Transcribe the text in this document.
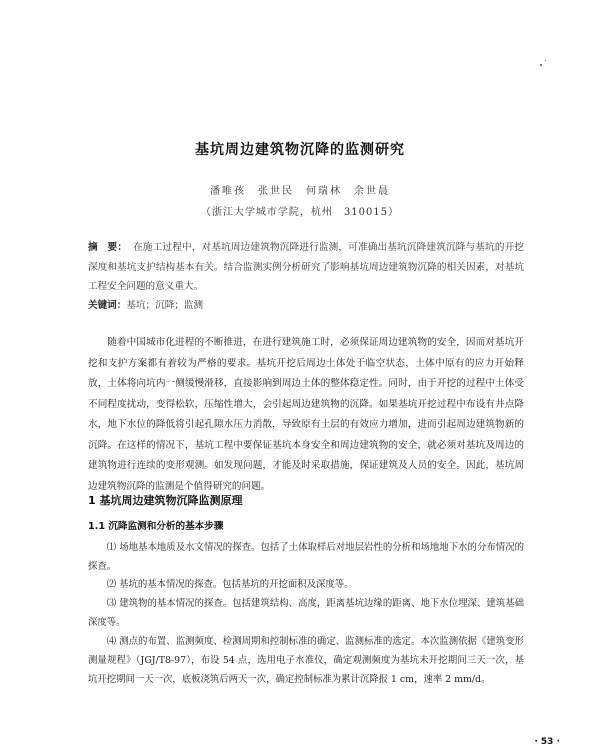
基坑周边建筑物沉降的监测研究
潘唯孩　张世民　何瑞林　余世晨
（浙江大学城市学院，杭州　310015）
摘　要： 在施工过程中，对基坑周边建筑物沉降进行监测，可准确出基坑沉降建筑沉降与基坑的开挖深度和基坑支护结构基本有关。结合监测实例分析研究了影响基坑周边建筑物沉降的相关因素，对基坑工程安全问题的意义重大。
关键词：基坑；沉降；监测

随着中国城市化进程的不断推进，在进行建筑施工时，必须保证周边建筑物的安全，因而对基坑开挖和支护方案都有着较为严格的要求。基坑开挖后周边土体处于临空状态，土体中原有的应力开始释放，土体将向坑内一侧缓慢滑移，直接影响到周边土体的整体稳定性。同时，由于开挖的过程中土体受不同程度扰动，变得松软，压缩性增大，会引起周边建筑物的沉降。如果基坑开挖过程中布设有井点降水，地下水位的降低将引起孔隙水压力消散，导致原有土层的有效应力增加，进而引起周边建筑物新的沉降。在这样的情况下，基坑工程中要保证基坑本身安全和周边建筑物的安全，就必须对基坑及周边的建筑物进行连续的变形观测。如发现问题，才能及时采取措施，保证建筑及人员的安全。因此，基坑周边建筑物沉降的监测是个值得研究的问题。

1 基坑周边建筑物沉降监测原理
1.1 沉降监测和分析的基本步骤

⑴ 场地基本地质及水文情况的探查。包括了土体取样后对地层岩性的分析和场地地下水的分布情况的探查。

⑵ 基坑的基本情况的探查。包括基坑的开挖面积及深度等。

⑶ 建筑物的基本情况的探查。包括建筑结构、高度，距离基坑边缘的距离、地下水位埋深、建筑基础深度等。

⑷ 测点的布置、监测频度、检测周期和控制标准的确定、监测标准的选定。本次监测依据《建筑变形测量规程》（JGJ/T8-97），布设 54 点，选用电子水准仪，确定观测频度为基坑未开挖期间三天一次，基坑开挖期间一天一次，底板浇筑后两天一次，确定控制标准为累计沉降报 1 cm，速率 2 mm/d。

· 53 ·
